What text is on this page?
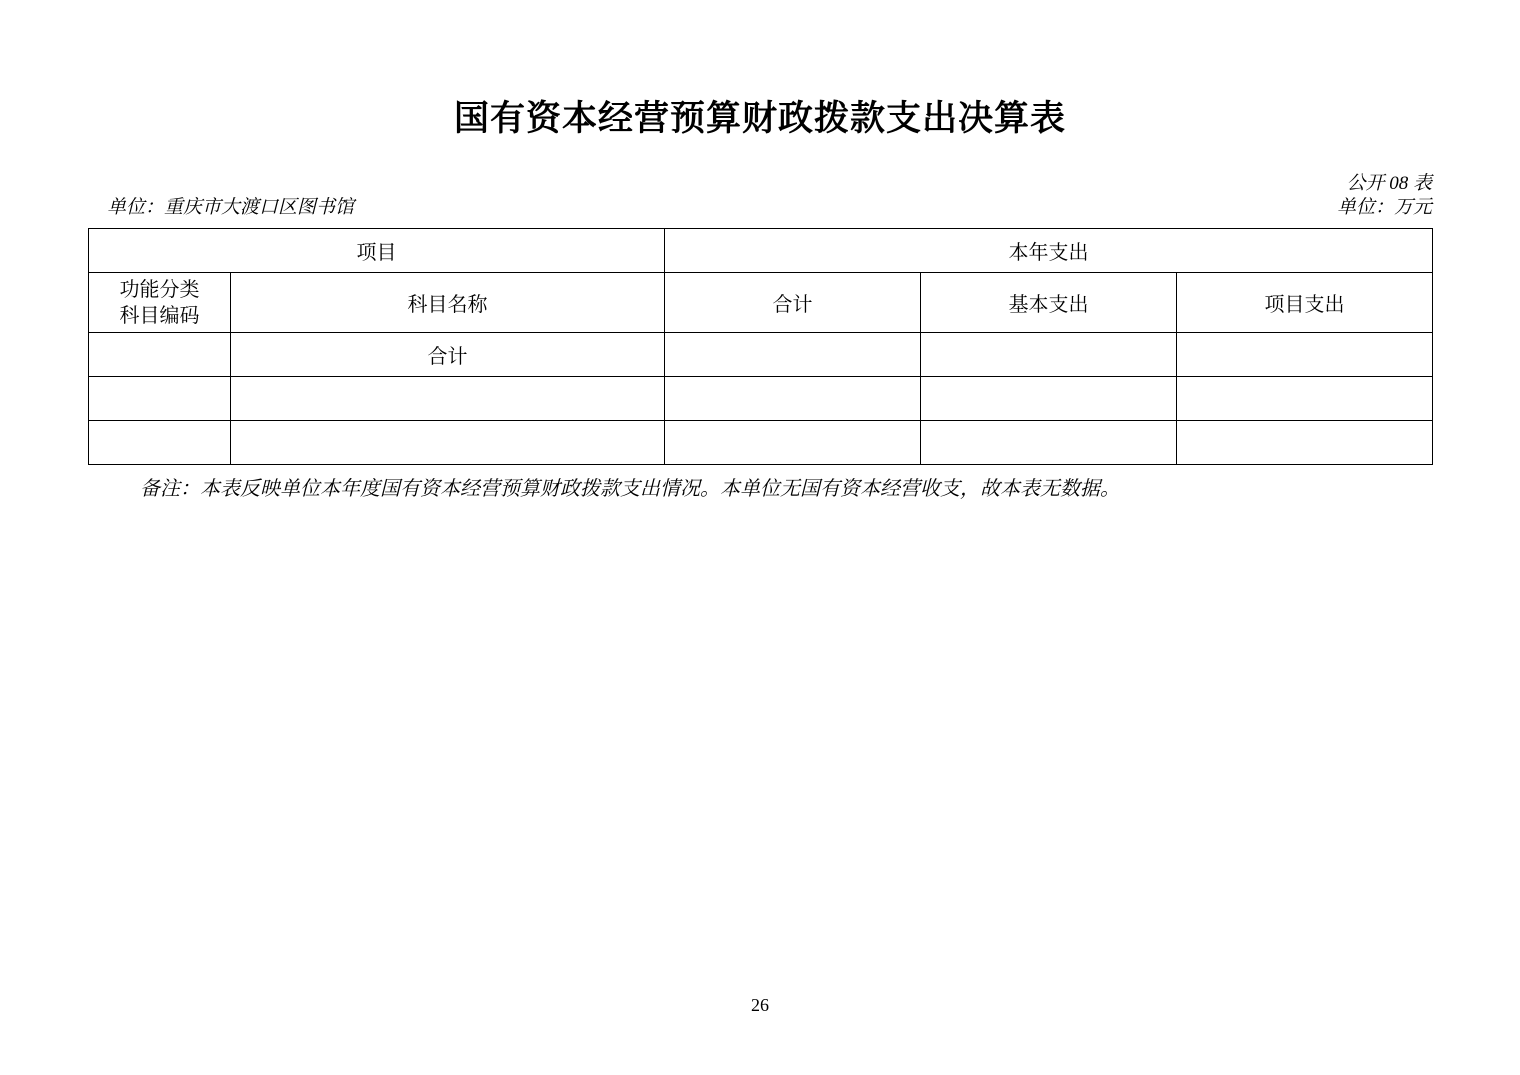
国有资本经营预算财政拨款支出决算表
公开 08 表
单位：万元
单位：重庆市大渡口区图书馆
项目		本年支出		

功能分类
科目编码	科目名称	合计	基本支出	项目支出
	合计			

备注：本表反映单位本年度国有资本经营预算财政拨款支出情况。本单位无国有资本经营收支，故本表无数据。
26
